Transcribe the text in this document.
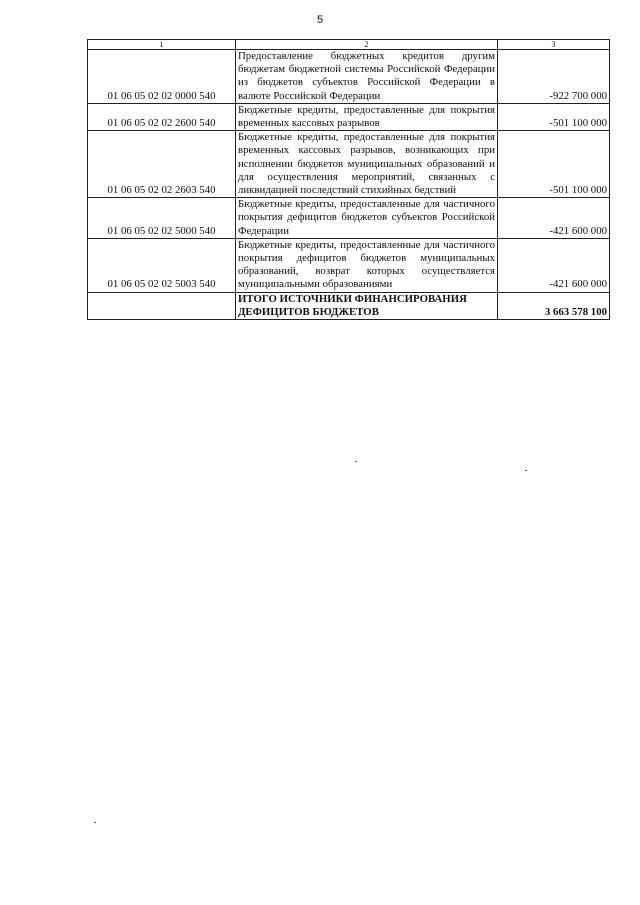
5
1	2	3
01 06 05 02 02 0000 540	Предоставление бюджетных кредитов другим бюджетам бюджетной системы Российской Федерации из бюджетов субъектов Российской Федерации в валюте Российской Федерации	-922 700 000
01 06 05 02 02 2600 540	Бюджетные кредиты, предоставленные для покрытия временных кассовых разрывов	-501 100 000
01 06 05 02 02 2603 540	Бюджетные кредиты, предоставленные для покрытия временных кассовых разрывов, возникающих при исполнении бюджетов муниципальных образований и для осуществления мероприятий, связанных с ликвидацией последствий стихийных бедствий	-501 100 000
01 06 05 02 02 5000 540	Бюджетные кредиты, предоставленные для частичного покрытия дефицитов бюджетов субъектов Российской Федерации	-421 600 000
01 06 05 02 02 5003 540	Бюджетные кредиты, предоставленные для частичного покрытия дефицитов бюджетов муниципальных образований, возврат которых осуществляется муниципальными образованиями	-421 600 000
	ИТОГО ИСТОЧНИКИ ФИНАНСИРОВАНИЯ ДЕФИЦИТОВ БЮДЖЕТОВ	3 663 578 100
